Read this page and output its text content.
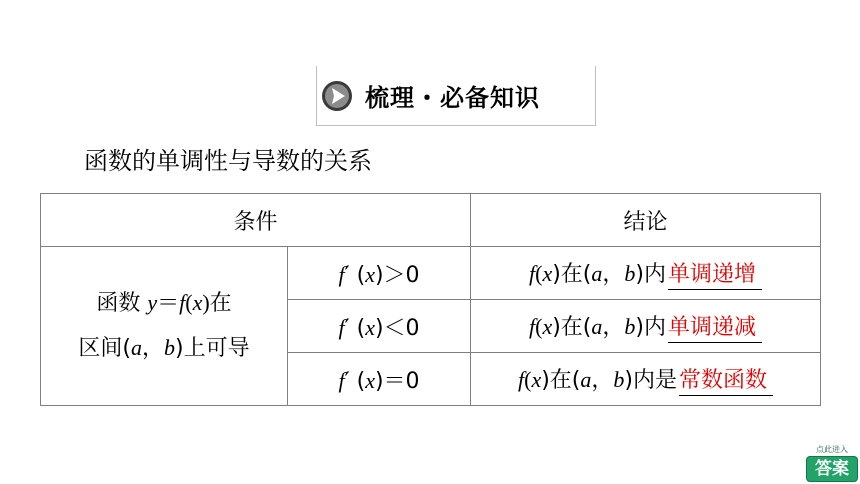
梳理・必备知识
函数的单调性与导数的关系
条件		结论

函数 y＝f(x)在
区间(a，b)上可导	f′ (x)＞0	f(x)在(a，b)内单调递增
	f′ (x)＜0	f(x)在(a，b)内单调递减
	f′ (x)＝0	f(x)在(a，b)内是常数函数
点此进入
答案
